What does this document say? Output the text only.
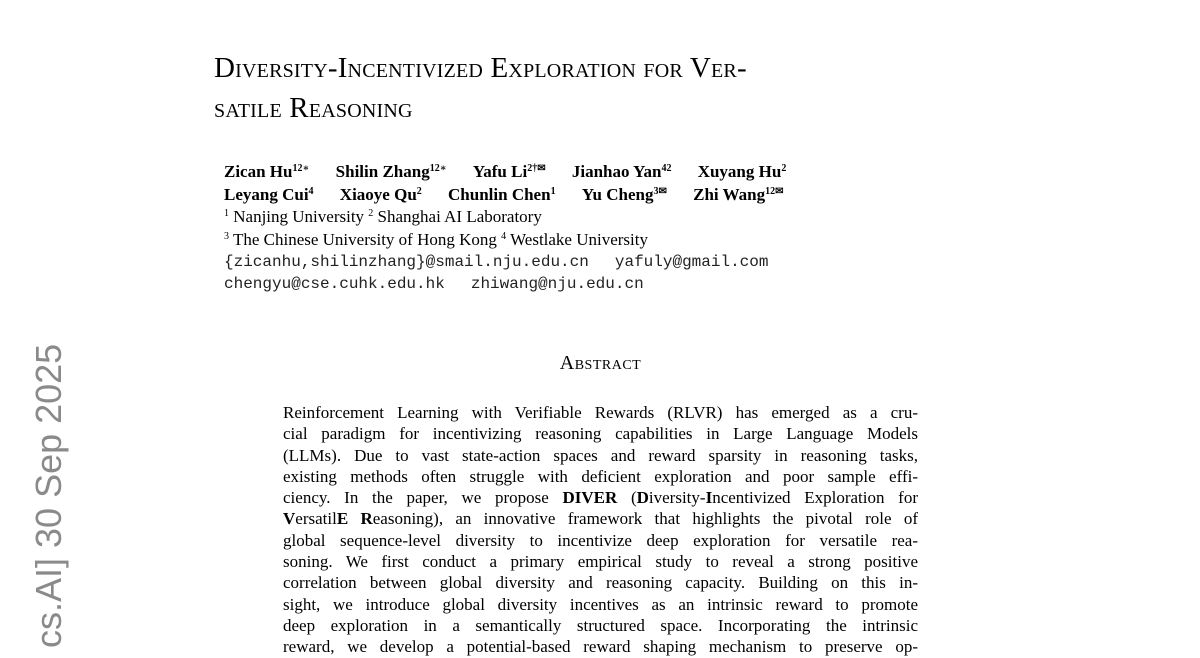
cs.AI] 30 Sep 2025
Diversity-Incentivized Exploration for Ver-
satile Reasoning
Zican $Hu^{12∗}$ Shilin Zhang$^{12∗}$ Yafu $Li^{2\dagger✉}$ Jianhao Yan$^{42}$ Xuyang Hu$^2$
Leyang Cui$^4$ Xiaoye Qu$^2$ Chunlin Chen$^1$ Yu Cheng$^{3✉}$ Zhi Wang$^{12✉}$
$^1$ Nanjing University $^2$ Shanghai AI Laboratory
$^3$ The Chinese University of Hong Kong $^4$ Westlake University
{zicanhu,shilinzhang}@smail.nju.edu.cn yafuly@gmail.com
chengyu@cse.cuhk.edu.hk zhiwang@nju.edu.cn
Abstract
Reinforcement Learning with Verifiable Rewards (RLVR) has emerged as a cru-
cial paradigm for incentivizing reasoning capabilities in Large Language Models
(LLMs). Due to vast state-action spaces and reward sparsity in reasoning tasks,
existing methods often struggle with deficient exploration and poor sample effi-
ciency. In the paper, we propose DIVER (Diversity-Incentivized Exploration for
VersatilE Reasoning), an innovative framework that highlights the pivotal role of
global sequence-level diversity to incentivize deep exploration for versatile rea-
soning. We first conduct a primary empirical study to reveal a strong positive
correlation between global diversity and reasoning capacity. Building on this in-
sight, we introduce global diversity incentives as an intrinsic reward to promote
deep exploration in a semantically structured space. Incorporating the intrinsic
reward, we develop a potential-based reward shaping mechanism to preserve op-
